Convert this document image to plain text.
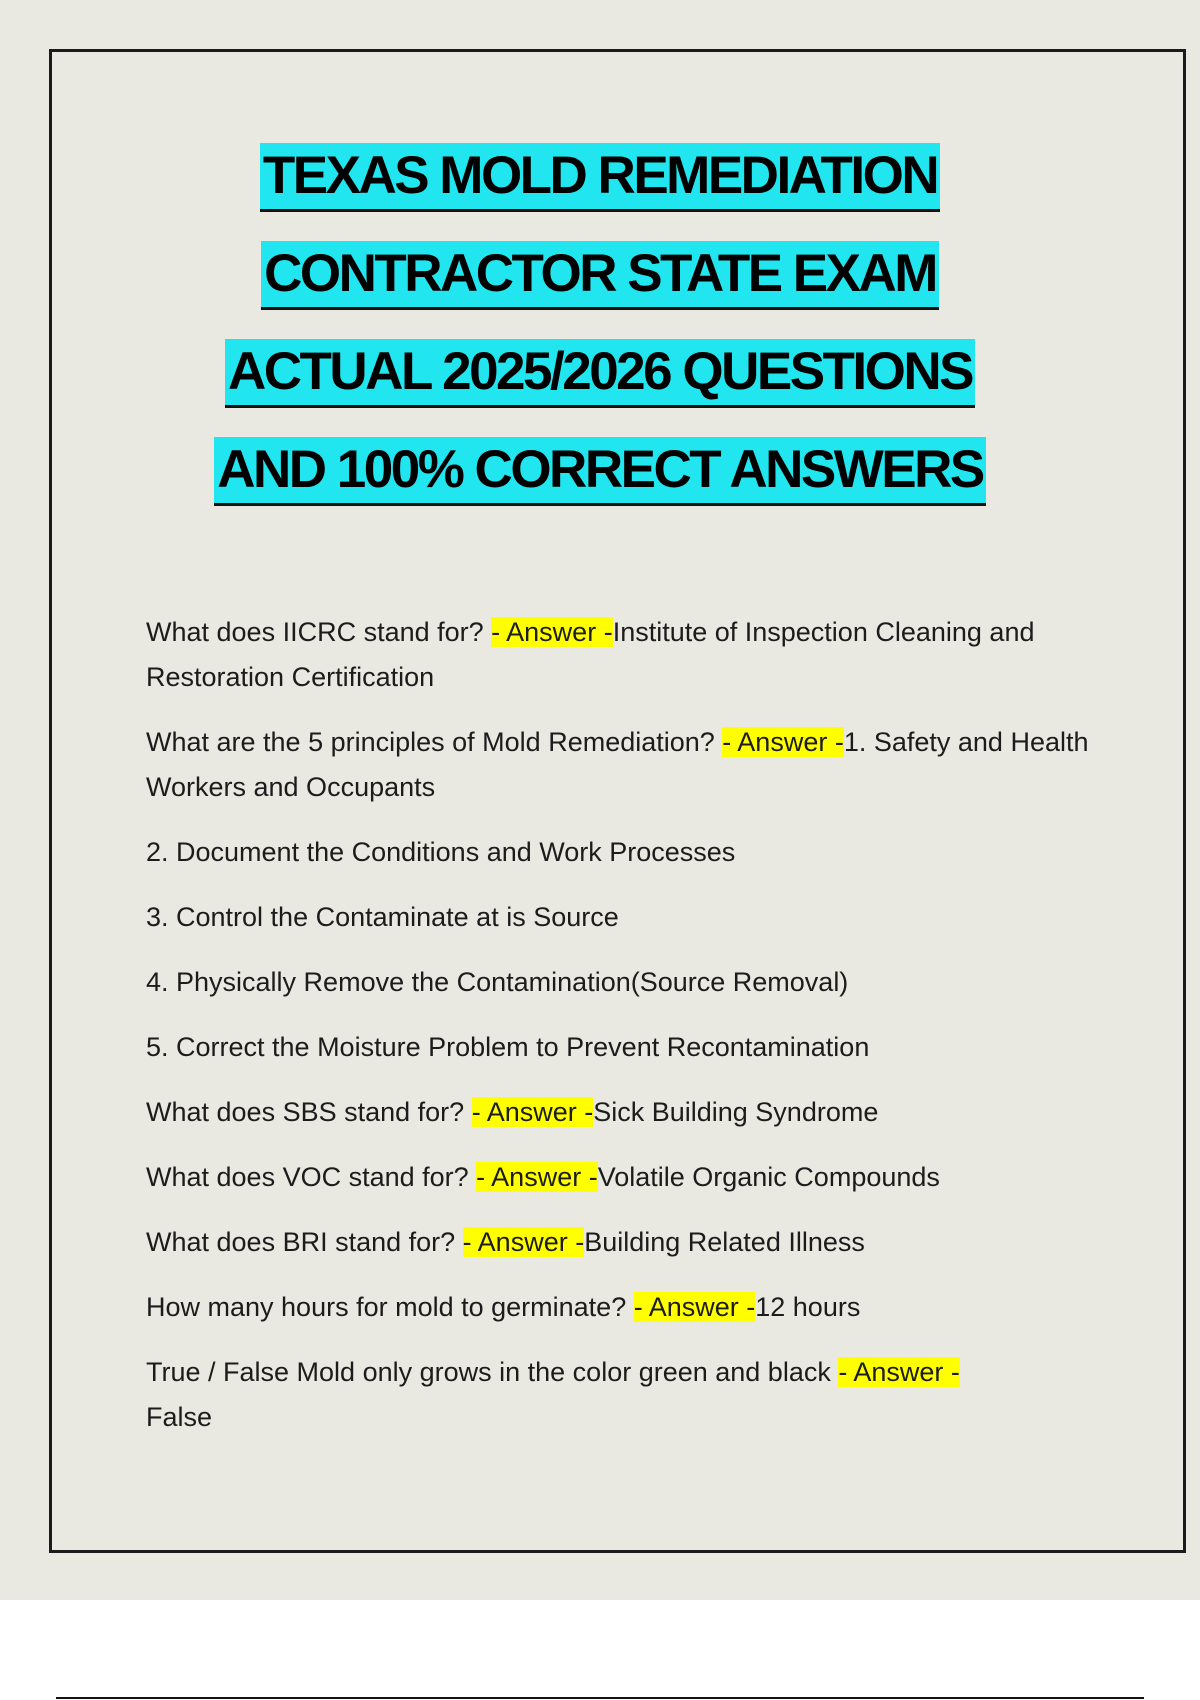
TEXAS MOLD REMEDIATION
CONTRACTOR STATE EXAM
ACTUAL 2025/2026 QUESTIONS
AND 100% CORRECT ANSWERS
What does IICRC stand for? - Answer -Institute of Inspection Cleaning and Restoration Certification
What are the 5 principles of Mold Remediation? - Answer -1. Safety and Health Workers and Occupants
2. Document the Conditions and Work Processes
3. Control the Contaminate at is Source
4. Physically Remove the Contamination(Source Removal)
5. Correct the Moisture Problem to Prevent Recontamination
What does SBS stand for? - Answer -Sick Building Syndrome
What does VOC stand for? - Answer -Volatile Organic Compounds
What does BRI stand for? - Answer -Building Related Illness
How many hours for mold to germinate? - Answer -12 hours
True / False Mold only grows in the color green and black - Answer -
False
